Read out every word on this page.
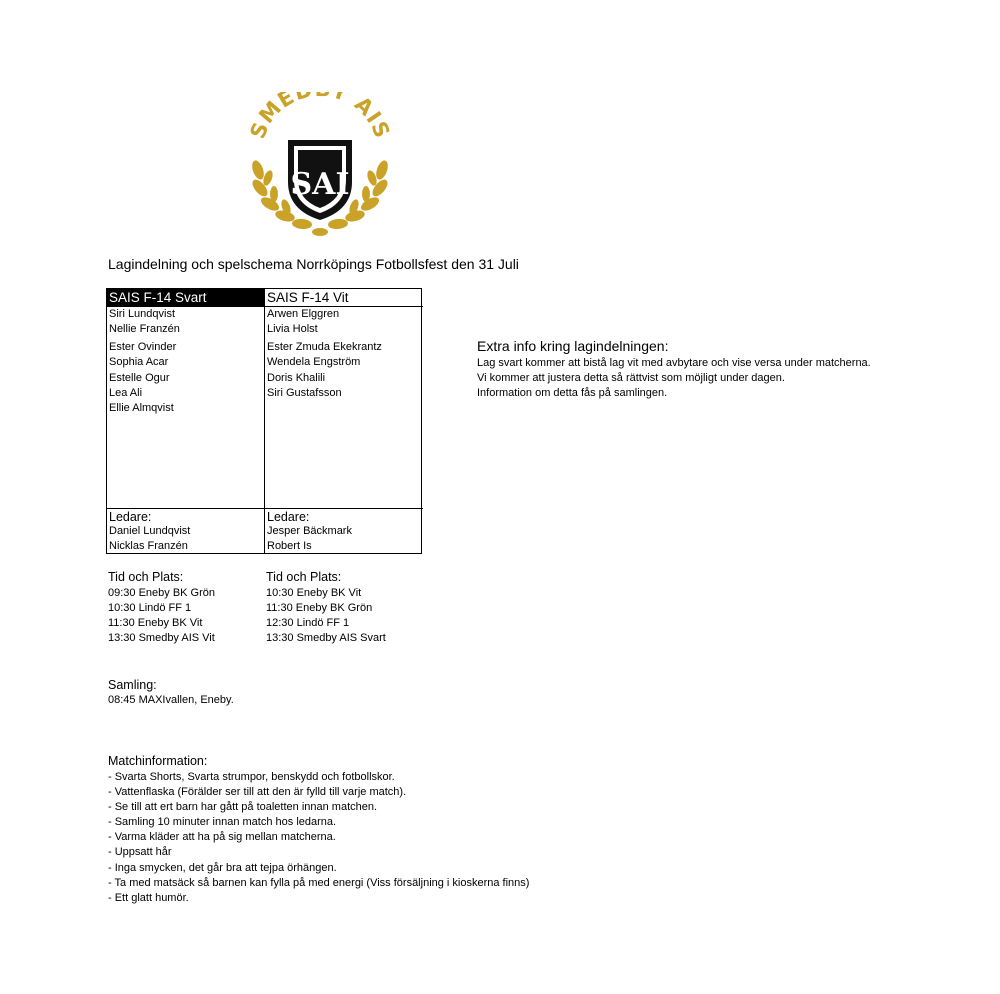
SME Y AIS
SAI
Lagindelning och spelschema Norrköpings Fotbollsfest den 31 Juli
SAIS F-14 Svart
Siri Lundqvist
Nellie Franzén
Ester Ovinder
Sophia Acar
Estelle Ogur
Lea Ali
Ellie Almqvist
Ledare:
Daniel Lundqvist
Nicklas Franzén
SAIS F-14 Vit
Arwen Elggren
Livia Holst
Ester Zmuda Ekekrantz
Wendela Engström
Doris Khalili
Siri Gustafsson
Ledare:
Jesper Bäckmark
Robert Is
Tid och Plats:
09:30 Eneby BK Grön
10:30 Lindö FF 1
11:30 Eneby BK Vit
13:30 Smedby AIS Vit
Tid och Plats:
10:30 Eneby BK Vit
11:30 Eneby BK Grön
12:30 Lindö FF 1
13:30 Smedby AIS Svart
Extra info kring lagindelningen:
Lag svart kommer att bistå lag vit med avbytare och vise versa under matcherna.
Vi kommer att justera detta så rättvist som möjligt under dagen.
Information om detta fås på samlingen.
Samling:
08:45 MAXIvallen, Eneby.
Matchinformation:
- Svarta Shorts, Svarta strumpor, benskydd och fotbollskor.
- Vattenflaska (Förälder ser till att den är fylld till varje match).
- Se till att ert barn har gått på toaletten innan matchen.
- Samling 10 minuter innan match hos ledarna.
- Varma kläder att ha på sig mellan matcherna.
- Uppsatt hår
- Inga smycken, det går bra att tejpa örhängen.
- Ta med matsäck så barnen kan fylla på med energi (Viss försäljning i kioskerna finns)
- Ett glatt humör.
